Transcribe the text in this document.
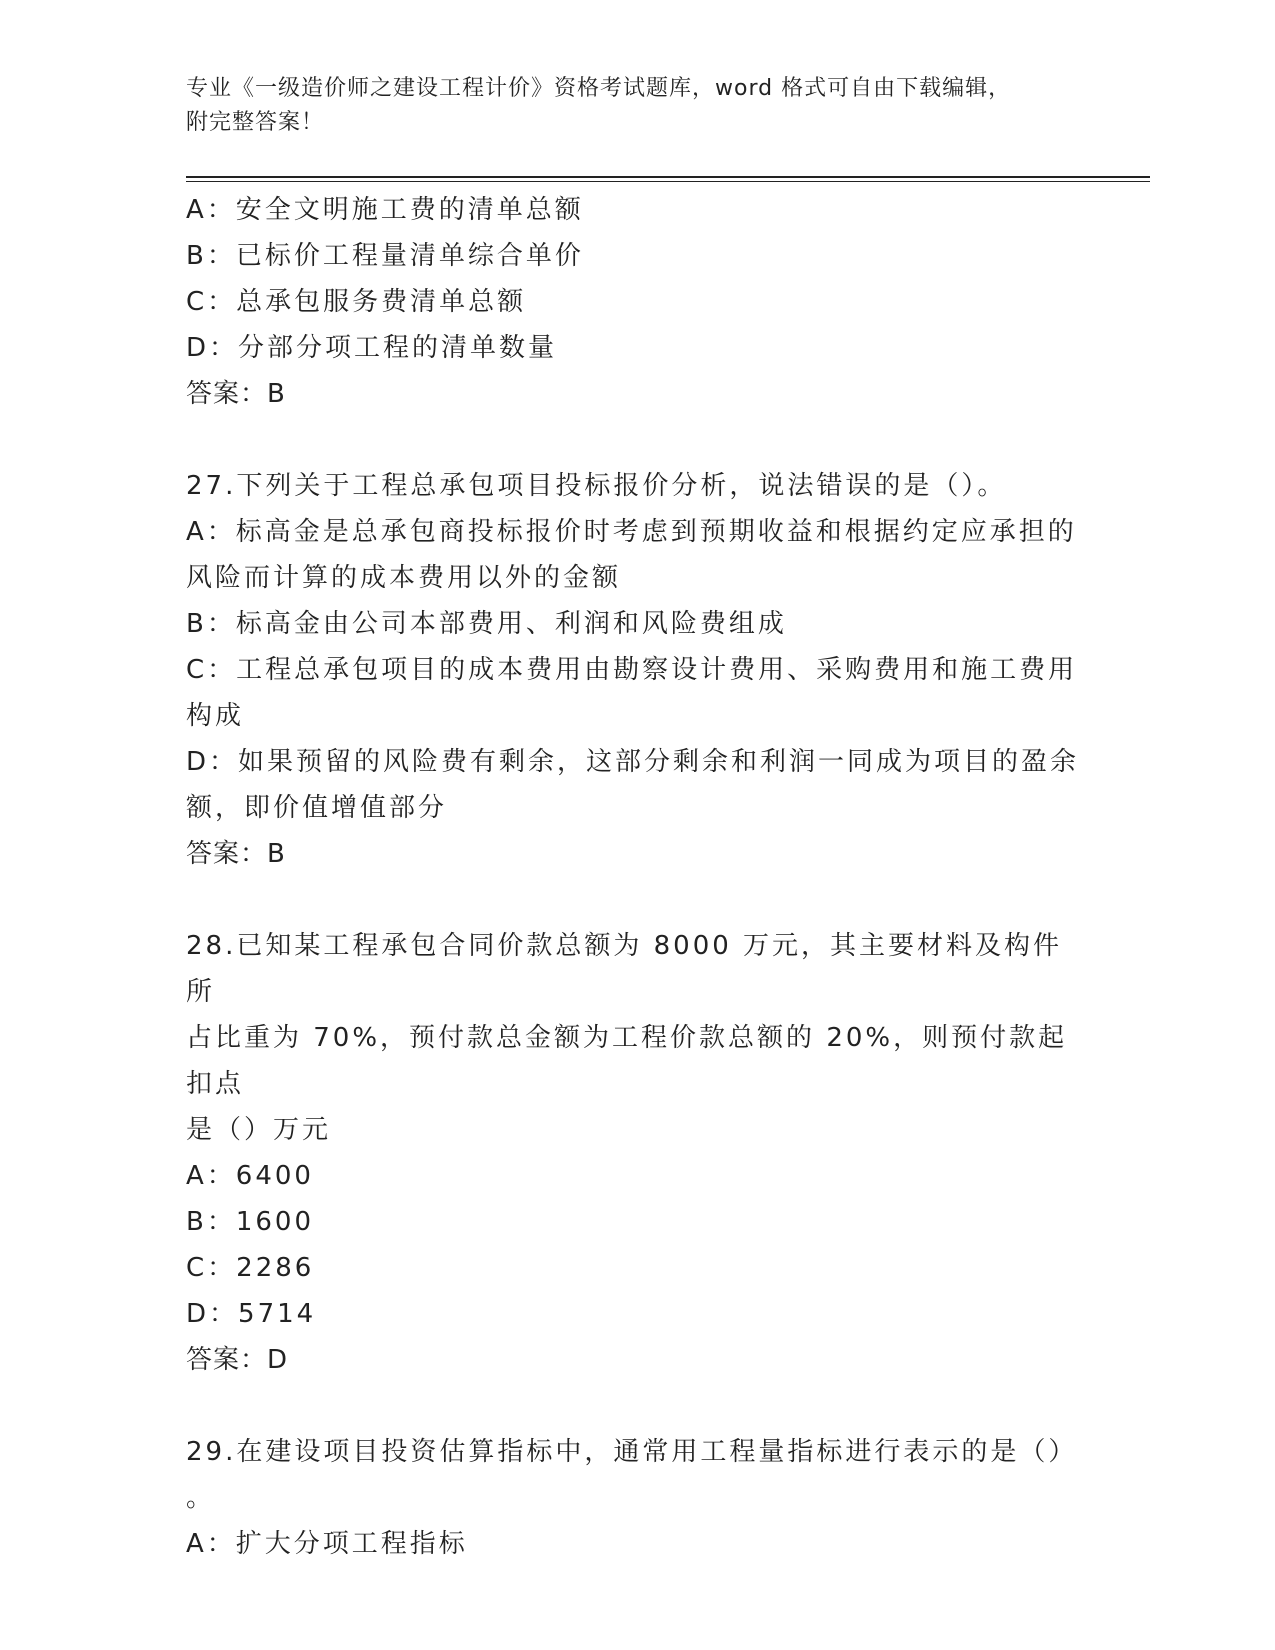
专业《一级造价师之建设工程计价》资格考试题库，word 格式可自由下载编辑，
附完整答案！
A：安全文明施工费的清单总额
B：已标价工程量清单综合单价
C：总承包服务费清单总额
D：分部分项工程的清单数量
答案：B
27.下列关于工程总承包项目投标报价分析，说法错误的是（）。
A：标高金是总承包商投标报价时考虑到预期收益和根据约定应承担的
风险而计算的成本费用以外的金额
B：标高金由公司本部费用、利润和风险费组成
C：工程总承包项目的成本费用由勘察设计费用、采购费用和施工费用
构成
D：如果预留的风险费有剩余，这部分剩余和利润一同成为项目的盈余
额，即价值增值部分
答案：B
28.已知某工程承包合同价款总额为 8000 万元，其主要材料及构件所
占比重为 70%，预付款总金额为工程价款总额的 20%，则预付款起扣点
是（）万元
A：6400
B：1600
C：2286
D：5714
答案：D
29.在建设项目投资估算指标中，通常用工程量指标进行表示的是（）
。
A：扩大分项工程指标
